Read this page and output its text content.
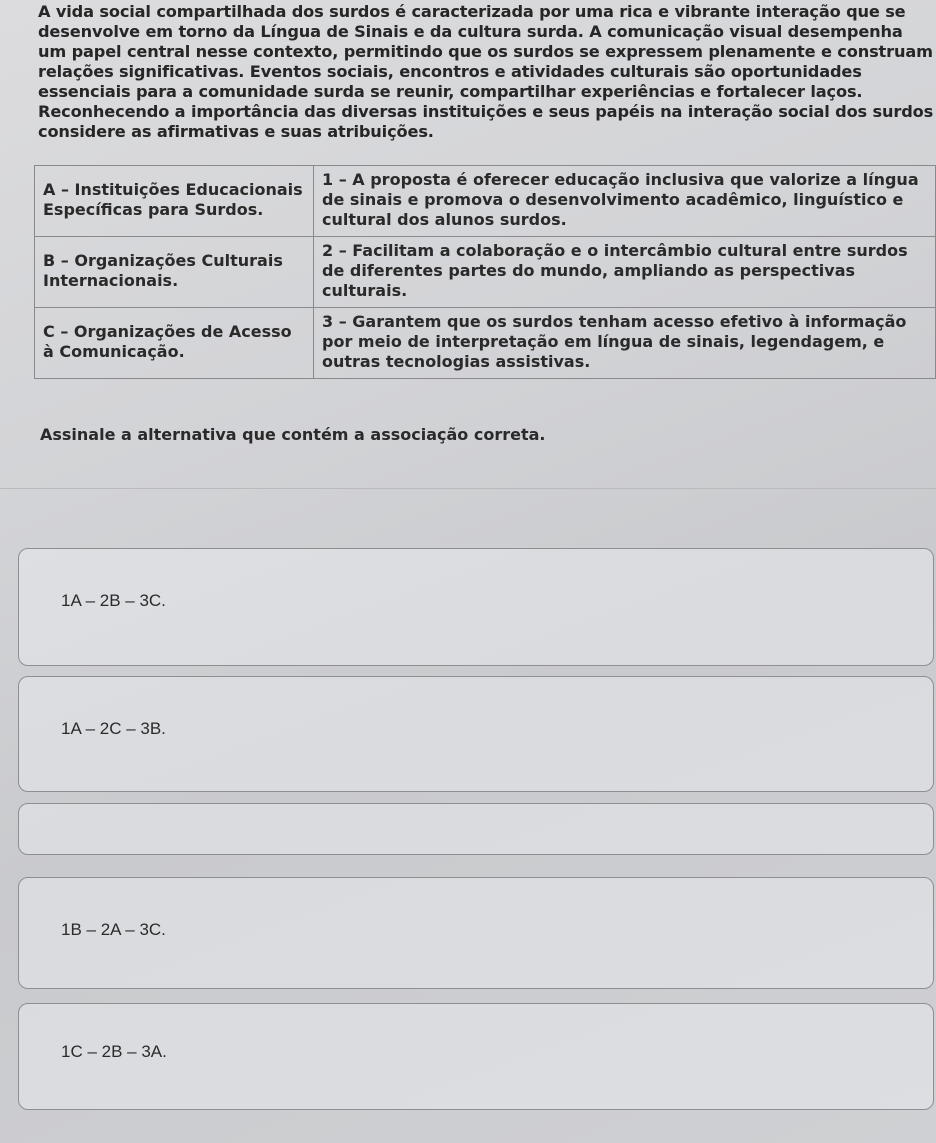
A vida social compartilhada dos surdos é caracterizada por uma rica e vibrante interação que se desenvolve em torno da Língua de Sinais e da cultura surda. A comunicação visual desempenha um papel central nesse contexto, permitindo que os surdos se expressem plenamente e construam relações significativas. Eventos sociais, encontros e atividades culturais são oportunidades essenciais para a comunidade surda se reunir, compartilhar experiências e fortalecer laços. Reconhecendo a importância das diversas instituições e seus papéis na interação social dos surdos considere as afirmativas e suas atribuições.
A – Instituições Educacionais Específicas para Surdos.	1 – A proposta é oferecer educação inclusiva que valorize a língua de sinais e promova o desenvolvimento acadêmico, linguístico e cultural dos alunos surdos.
B – Organizações Culturais Internacionais.	2 – Facilitam a colaboração e o intercâmbio cultural entre surdos de diferentes partes do mundo, ampliando as perspectivas culturais.
C – Organizações de Acesso à Comunicação.	3 – Garantem que os surdos tenham acesso efetivo à informação por meio de interpretação em língua de sinais, legendagem, e outras tecnologias assistivas.
Assinale a alternativa que contém a associação correta.
1A – 2B – 3C.
1A – 2C – 3B.
1B – 2A – 3C.
1C – 2B – 3A.
